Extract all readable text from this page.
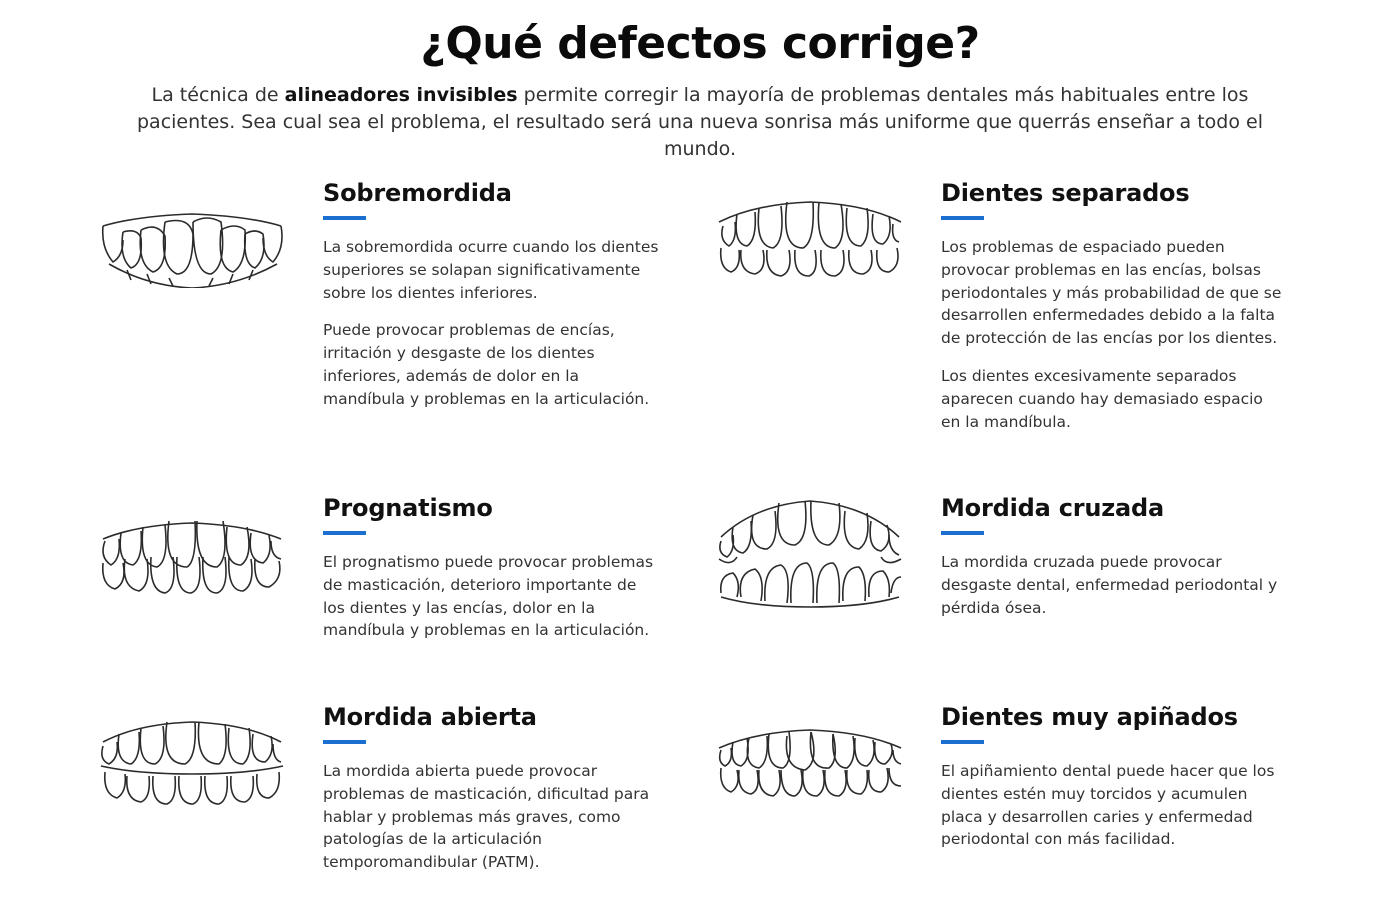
¿Qué defectos corrige?

La técnica de alineadores invisibles permite corregir la mayoría de problemas dentales más habituales entre los pacientes. Sea cual sea el problema, el resultado será una nueva sonrisa más uniforme que querrás enseñar a todo el mundo.

Sobremordida

La sobremordida ocurre cuando los dientes superiores se solapan significativamente sobre los dientes inferiores.

Puede provocar problemas de encías, irritación y desgaste de los dientes inferiores, además de dolor en la mandíbula y problemas en la articulación.

Dientes separados

Los problemas de espaciado pueden provocar problemas en las encías, bolsas periodontales y más probabilidad de que se desarrollen enfermedades debido a la falta de protección de las encías por los dientes.

Los dientes excesivamente separados aparecen cuando hay demasiado espacio en la mandíbula.

Prognatismo

El prognatismo puede provocar problemas de masticación, deterioro importante de los dientes y las encías, dolor en la mandíbula y problemas en la articulación.

Mordida cruzada

La mordida cruzada puede provocar desgaste dental, enfermedad periodontal y pérdida ósea.

Mordida abierta

La mordida abierta puede provocar problemas de masticación, dificultad para hablar y problemas más graves, como patologías de la articulación temporomandibular (PATM).

Dientes muy apiñados

El apiñamiento dental puede hacer que los dientes estén muy torcidos y acumulen placa y desarrollen caries y enfermedad periodontal con más facilidad.
